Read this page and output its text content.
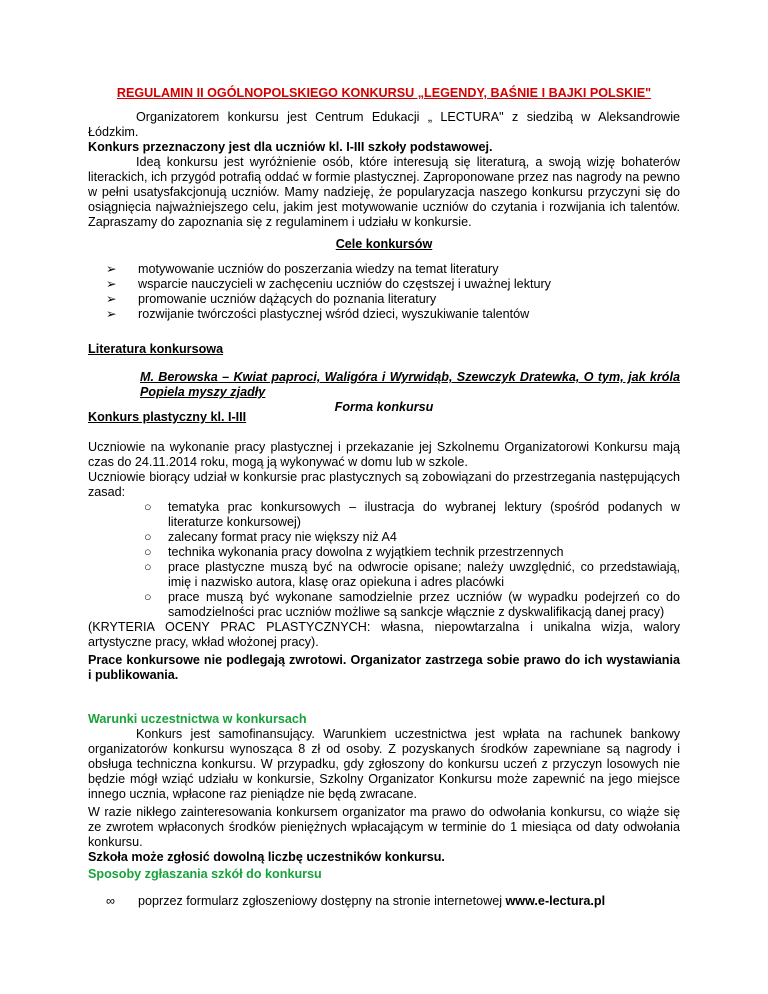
REGULAMIN II OGÓLNOPOLSKIEGO KONKURSU „LEGENDY, BAŚNIE I BAJKI POLSKIE"

Organizatorem konkursu jest Centrum Edukacji „ LECTURA" z siedzibą w Aleksandrowie Łódzkim.

Konkurs przeznaczony jest dla uczniów kl. I-III szkoły podstawowej.

Ideą konkursu jest wyróżnienie osób, które interesują się literaturą, a swoją wizję bohaterów literackich, ich przygód potrafią oddać w formie plastycznej. Zaproponowane przez nas nagrody na pewno w pełni usatysfakcjonują uczniów. Mamy nadzieję, że popularyzacja naszego konkursu przyczyni się do osiągnięcia najważniejszego celu, jakim jest motywowanie uczniów do czytania i rozwijania ich talentów. Zapraszamy do zapoznania się z regulaminem i udziału w konkursie.

Cele konkursów

➢ motywowanie uczniów do poszerzania wiedzy na temat literatury
➢ wsparcie nauczycieli w zachęceniu uczniów do częstszej i uważnej lektury
➢ promowanie uczniów dążących do poznania literatury
➢ rozwijanie twórczości plastycznej wśród dzieci, wyszukiwanie talentów

Literatura konkursowa

M. Berowska – Kwiat paproci, Waligóra i Wyrwidąb, Szewczyk Dratewka, O tym, jak króla Popiela myszy zjadły

Forma konkursu

Konkurs plastyczny kl. I-III

Uczniowie na wykonanie pracy plastycznej i przekazanie jej Szkolnemu Organizatorowi Konkursu mają czas do 24.11.2014 roku, mogą ją wykonywać w domu lub w szkole.

Uczniowie biorący udział w konkursie prac plastycznych są zobowiązani do przestrzegania następujących zasad:

○ tematyka prac konkursowych – ilustracja do wybranej lektury (spośród podanych w literaturze konkursowej)
○ zalecany format pracy nie większy niż A4
○ technika wykonania pracy dowolna z wyjątkiem technik przestrzennych
○ prace plastyczne muszą być na odwrocie opisane; należy uwzględnić, co przedstawiają, imię i nazwisko autora, klasę oraz opiekuna i adres placówki
○ prace muszą być wykonane samodzielnie przez uczniów (w wypadku podejrzeń co do samodzielności prac uczniów możliwe są sankcje włącznie z dyskwalifikacją danej pracy)

(KRYTERIA OCENY PRAC PLASTYCZNYCH: własna, niepowtarzalna i unikalna wizja, walory artystyczne pracy, wkład włożonej pracy).

Prace konkursowe nie podlegają zwrotowi. Organizator zastrzega sobie prawo do ich wystawiania i publikowania.

Warunki uczestnictwa w konkursach

Konkurs jest samofinansujący. Warunkiem uczestnictwa jest wpłata na rachunek bankowy organizatorów konkursu wynosząca 8 zł od osoby. Z pozyskanych środków zapewniane są nagrody i obsługa techniczna konkursu. W przypadku, gdy zgłoszony do konkursu uczeń z przyczyn losowych nie będzie mógł wziąć udziału w konkursie, Szkolny Organizator Konkursu może zapewnić na jego miejsce innego ucznia, wpłacone raz pieniądze nie będą zwracane.

W razie nikłego zainteresowania konkursem organizator ma prawo do odwołania konkursu, co wiąże się ze zwrotem wpłaconych środków pieniężnych wpłacającym w terminie do 1 miesiąca od daty odwołania konkursu.

Szkoła może zgłosić dowolną liczbę uczestników konkursu.

Sposoby zgłaszania szkół do konkursu

∞ poprzez formularz zgłoszeniowy dostępny na stronie internetowej www.e-lectura.pl
